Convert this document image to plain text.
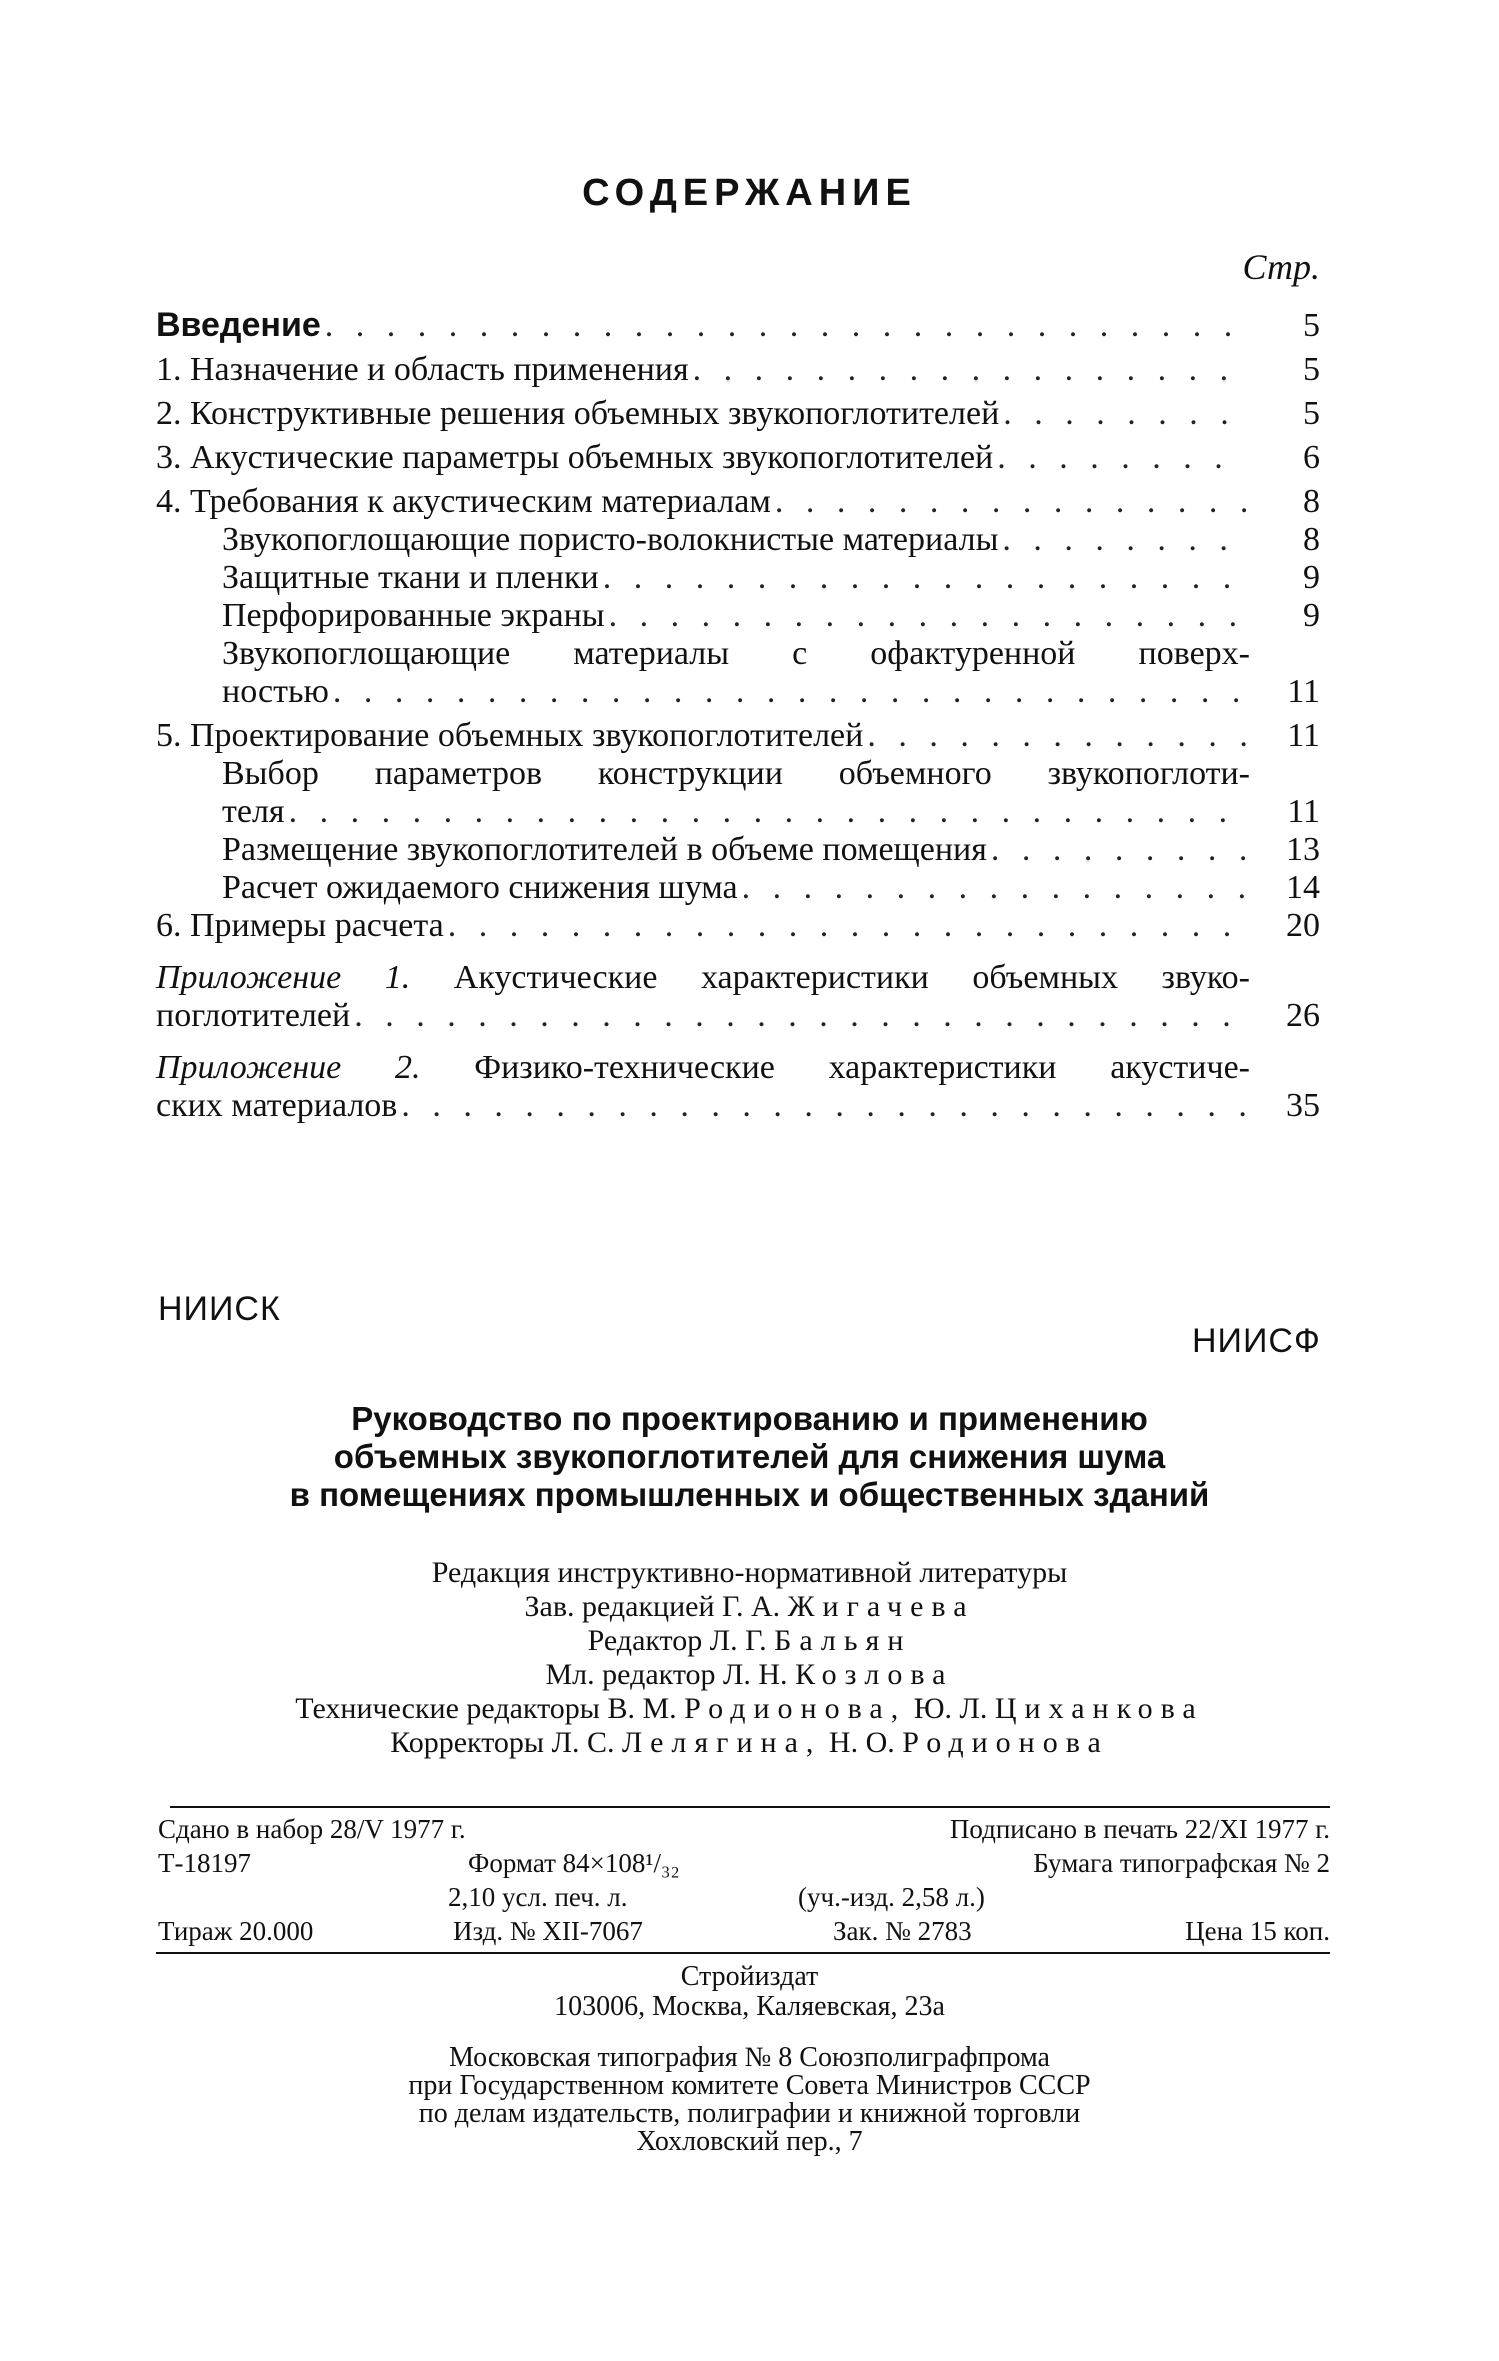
СОДЕРЖАНИЕ
Стр.
Введение . . .	5
1. Назначение и область применения . . .	5
2. Конструктивные решения объемных звукопоглотителей . . .	5
3. Акустические параметры объемных звукопоглотителей . . .	6
4. Требования к акустическим материалам . . .	8
Звукопоглощающие пористо-волокнистые материалы . . .	8
Защитные ткани и пленки . . .	9
Перфорированные экраны . . .	9
Звукопоглощающие материалы с офактуренной поверх-
ностью . . .	11
5. Проектирование объемных звукопоглотителей . . .	11
Выбор параметров конструкции объемного звукопоглоти-
теля . . .	11
Размещение звукопоглотителей в объеме помещения . . .	13
Расчет ожидаемого снижения шума . . .	14
6. Примеры расчета . . .	20
Приложение 1. Акустические характеристики объемных звуко-
поглотителей . . .	26
Приложение 2. Физико-технические характеристики акустиче-
ских материалов . . .	35
НИИСК
НИИСФ
Руководство по проектированию и применению
объемных звукопоглотителей для снижения шума
в помещениях промышленных и общественных зданий
Редакция инструктивно-нормативной литературы
Зав. редакцией Г. А. Жигачева
Редактор Л. Г. Бальян
Мл. редактор Л. Н. Козлова
Технические редакторы В. М. Родионова, Ю. Л. Циханкова
Корректоры Л. С. Лелягина, Н. О. Родионова
Сдано в набор 28/V 1977 г.	Подписано в печать 22/XI 1977 г.
Т-18197	Формат 84×108¹/₃₂	Бумага типографская № 2
2,10 усл. печ. л.	(уч.-изд. 2,58 л.)
Тираж 20.000	Изд. № XII-7067	Зак. № 2783	Цена 15 коп.
Стройиздат
103006, Москва, Каляевская, 23а
Московская типография № 8 Союзполиграфпрома
при Государственном комитете Совета Министров СССР
по делам издательств, полиграфии и книжной торговли
Хохловский пер., 7
